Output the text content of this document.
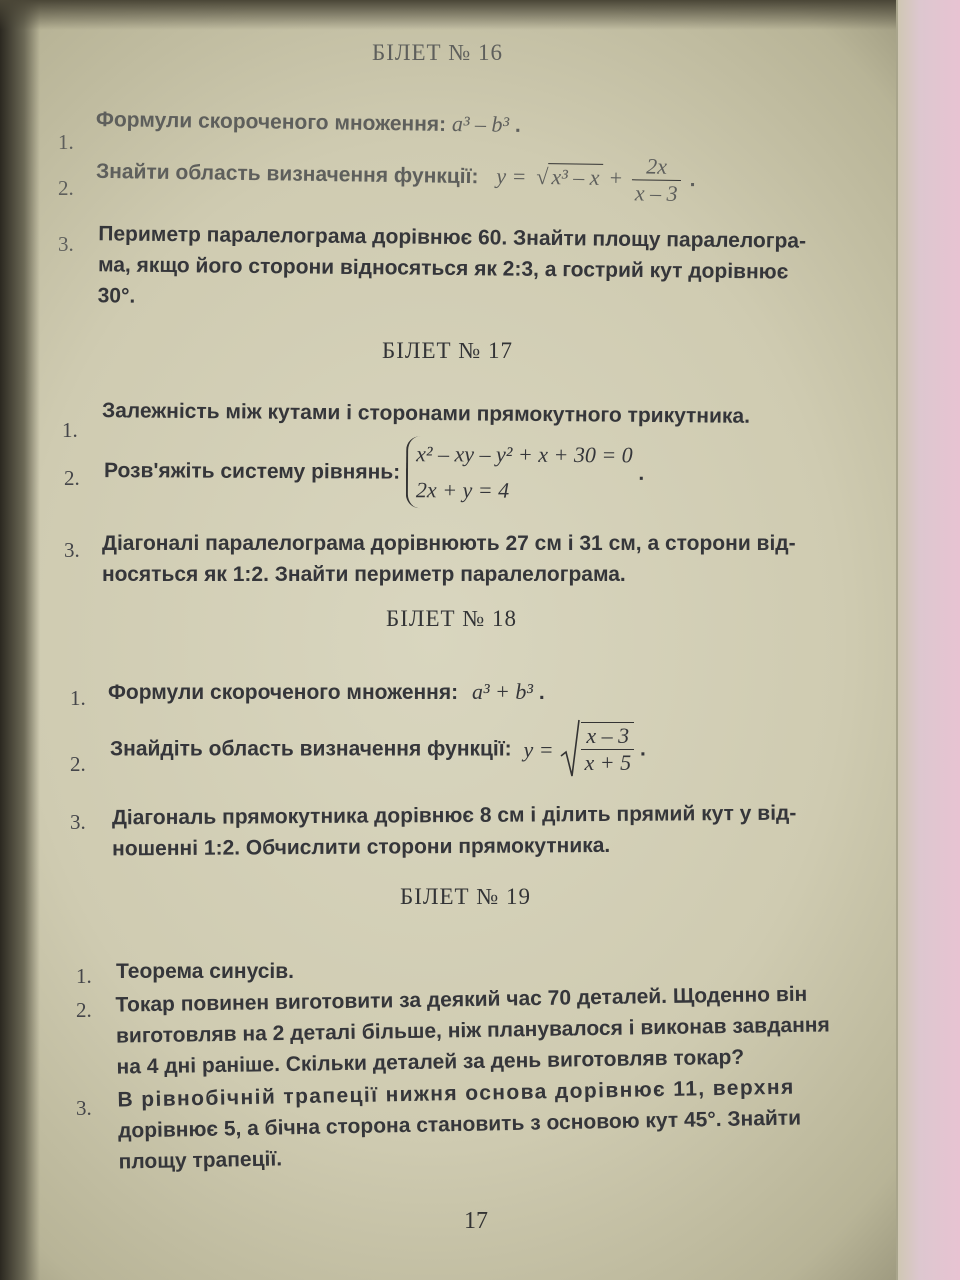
БІЛЕТ № 16
1.
Формули скороченого множення: a³ – b³ .
2. Знайти область визначення функції: y = √ $x^3 - x + \frac{2x}{x - 3}$ .
3. Периметр паралелограма дорівнює 60. Знайти площу паралелогра-
ма, якщо його сторони відносяться як 2:3, а гострий кут дорівнює
30°.
БІЛЕТ № 17
1.
Залежність між кутами і сторонами прямокутного трикутника.
2. Розв'яжіть систему рівнянь:
x² – xy – y² + x + 30 = 0
2x + y = 4
.
3. Діагоналі паралелограма дорівнюють 27 см і 31 см, а сторони від-
носяться як 1:2. Знайти периметр паралелограма.
БІЛЕТ № 18
1. Формули скороченого множення: a³ + b³ .
2.
Знайдіть область визначення функції: $y = \frac{x - 3}{x + 5}$ .
3. Діагональ прямокутника дорівнює 8 см і ділить прямий кут у від-
ношенні 1:2. Обчислити сторони прямокутника.
БІЛЕТ № 19
1. Теорема синусів.
2. Токар повинен виготовити за деякий час 70 деталей. Щоденно він
виготовляв на 2 деталі більше, ніж планувалося і виконав завдання
на 4 дні раніше. Скільки деталей за день виготовляв токар?
3. В рівнобічній трапеції нижня основа дорівнює 11, верхня
дорівнює 5, а бічна сторона становить з основою кут 45°. Знайти
площу трапеції.
17
